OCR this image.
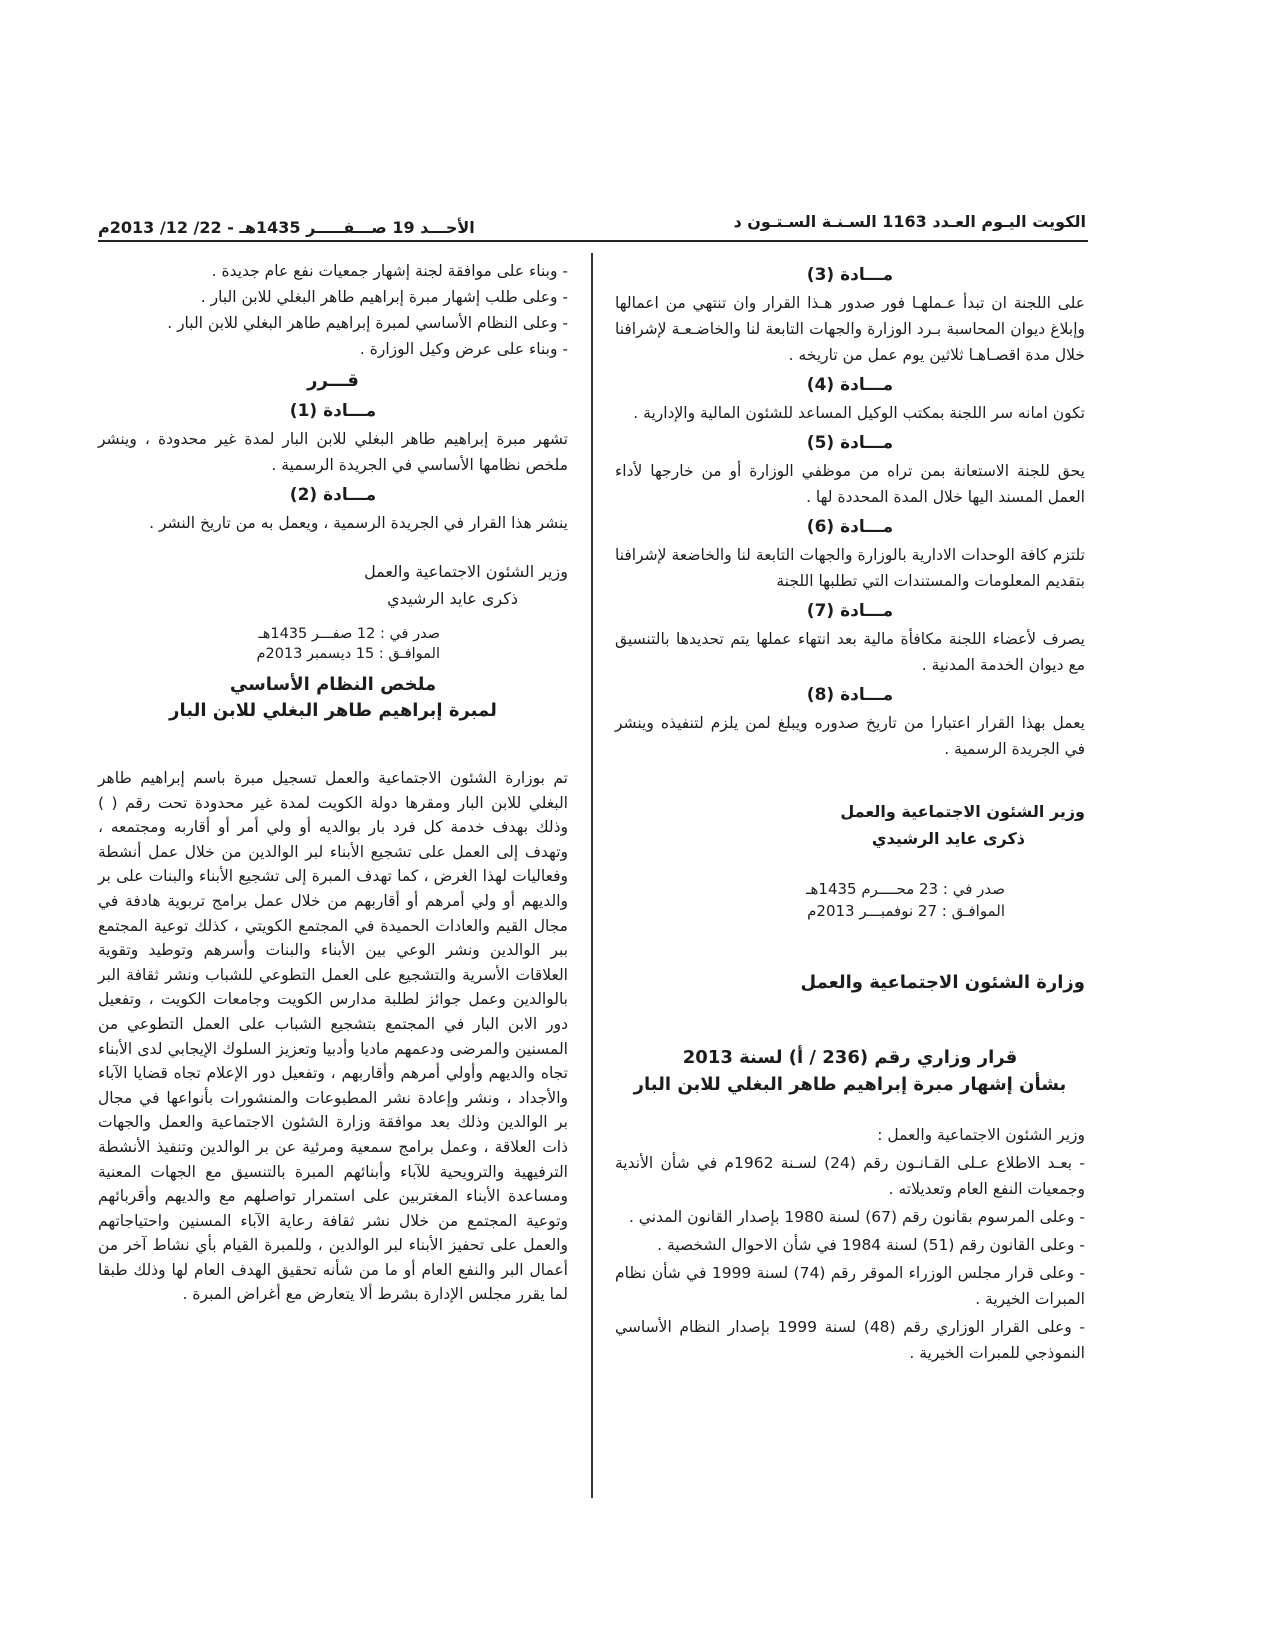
الأحـــد 19 صـــفـــــر 1435هـ - 22/ 12/ 2013م	الكويت اليـوم العـدد 1163 السـنـة السـتـون د
مـــادة (3)
على اللجنة ان تبدأ عـملهـا فور صدور هـذا القرار وان تنتهي من اعمالها وإبلاغ ديوان المحاسبة بـرد الوزارة والجهات التابعة لنا والخاضـعـة لإشرافنا خلال مدة اقصـاهـا ثلاثين يوم عمل من تاريخه .
مـــادة (4)
تكون امانه سر اللجنة بمكتب الوكيل المساعد للشئون المالية والإدارية .
مـــادة (5)
يحق للجنة الاستعانة بمن تراه من موظفي الوزارة أو من خارجها لأداء العمل المسند اليها خلال المدة المحددة لها .
مـــادة (6)
تلتزم كافة الوحدات الادارية بالوزارة والجهات التابعة لنا والخاضعة لإشرافنا بتقديم المعلومات والمستندات التي تطلبها اللجنة
مـــادة (7)
يصرف لأعضاء اللجنة مكافأة مالية بعد انتهاء عملها يتم تحديدها بالتنسيق مع ديوان الخدمة المدنية .
مـــادة (8)
يعمل بهذا القرار اعتبارا من تاريخ صدوره ويبلغ لمن يلزم لتنفيذه وينشر في الجريدة الرسمية .
وزير الشئون الاجتماعية والعمل
ذكرى عايد الرشيدي
صدر في : 23 محــــرم 1435هـ
الموافـق : 27 نوفمبـــر 2013م
وزارة الشئون الاجتماعية والعمل
قرار وزاري رقم (236 / أ) لسنة 2013
بشأن إشهار مبرة إبراهيم طاهر البغلي للابن البار
وزير الشئون الاجتماعية والعمل :
- بعـد الاطلاع عـلى القـانـون رقم (24) لسـنة 1962م في شأن الأندية وجمعيات النفع العام وتعديلاته .
- وعلى المرسوم بقانون رقم (67) لسنة 1980 بإصدار القانون المدني .
- وعلى القانون رقم (51) لسنة 1984 في شأن الاحوال الشخصية .
- وعلى قرار مجلس الوزراء الموقر رقم (74) لسنة 1999 في شأن نظام المبرات الخيرية .
- وعلى القرار الوزاري رقم (48) لسنة 1999 بإصدار النظام الأساسي النموذجي للمبرات الخيرية .
- وبناء على موافقة لجنة إشهار جمعيات نفع عام جديدة .
- وعلى طلب إشهار مبرة إبراهيم طاهر البغلي للابن البار .
- وعلى النظام الأساسي لمبرة إبراهيم طاهر البغلي للابن البار .
- وبناء على عرض وكيل الوزارة .
قـــرر
مـــادة (1)
تشهر مبرة إبراهيم طاهر البغلي للابن البار لمدة غير محدودة ، وينشر ملخص نظامها الأساسي في الجريدة الرسمية .
مـــادة (2)
ينشر هذا القرار في الجريدة الرسمية ، ويعمل به من تاريخ النشر .
وزير الشئون الاجتماعية والعمل
ذكرى عايد الرشيدي
صدر في : 12 صفـــر 1435هـ
الموافـق : 15 ديسمبر 2013م
ملخص النظام الأساسي
لمبرة إبراهيم طاهر البغلي للابن البار
تم بوزارة الشئون الاجتماعية والعمل تسجيل مبرة باسم إبراهيم طاهر البغلي للابن البار ومقرها دولة الكويت لمدة غير محدودة تحت رقم ( ) وذلك بهدف خدمة كل فرد بار بوالديه أو ولي أمر أو أقاربه ومجتمعه ، وتهدف إلى العمل على تشجيع الأبناء لبر الوالدين من خلال عمل أنشطة وفعاليات لهذا الغرض ، كما تهدف المبرة إلى تشجيع الأبناء والبنات على بر والديهم أو ولي أمرهم أو أقاربهم من خلال عمل برامج تربوية هادفة في مجال القيم والعادات الحميدة في المجتمع الكويتي ، كذلك توعية المجتمع ببر الوالدين ونشر الوعي بين الأبناء والبنات وأسرهم وتوطيد وتقوية العلاقات الأسرية والتشجيع على العمل التطوعي للشباب ونشر ثقافة البر بالوالدين وعمل جوائز لطلبة مدارس الكويت وجامعات الكويت ، وتفعيل دور الابن البار في المجتمع بتشجيع الشباب على العمل التطوعي من المسنين والمرضى ودعمهم ماديا وأدبيا وتعزيز السلوك الإيجابي لدى الأبناء تجاه والديهم وأولي أمرهم وأقاربهم ، وتفعيل دور الإعلام تجاه قضايا الآباء والأجداد ، ونشر وإعادة نشر المطبوعات والمنشورات بأنواعها في مجال بر الوالدين وذلك بعد موافقة وزارة الشئون الاجتماعية والعمل والجهات ذات العلاقة ، وعمل برامج سمعية ومرئية عن بر الوالدين وتنفيذ الأنشطة الترفيهية والترويحية للآباء وأبنائهم المبرة بالتنسيق مع الجهات المعنية ومساعدة الأبناء المغتربين على استمرار تواصلهم مع والديهم وأقربائهم وتوعية المجتمع من خلال نشر ثقافة رعاية الآباء المسنين واحتياجاتهم والعمل على تحفيز الأبناء لبر الوالدين ، وللمبرة القيام بأي نشاط آخر من أعمال البر والنفع العام أو ما من شأنه تحقيق الهدف العام لها وذلك طبقا لما يقرر مجلس الإدارة بشرط ألا يتعارض مع أغراض المبرة .
